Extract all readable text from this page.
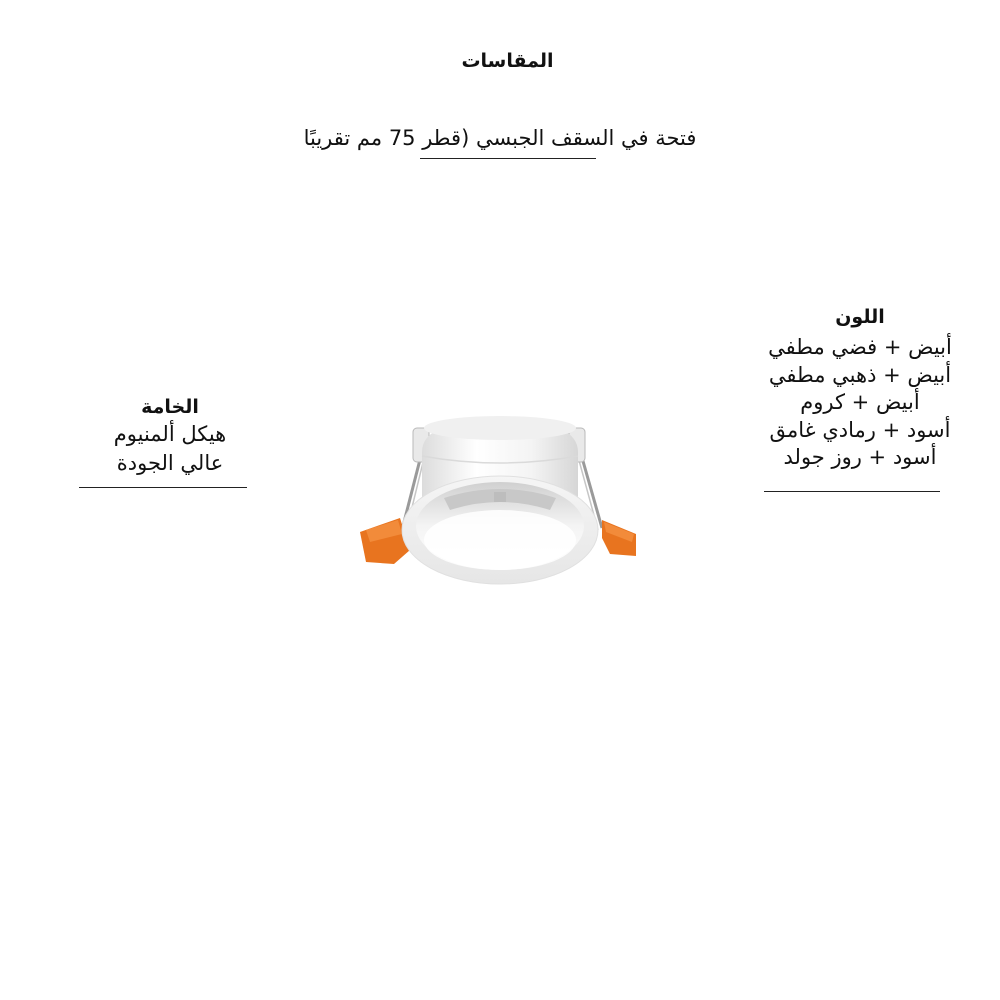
المقاسات
فتحة في السقف الجبسي (قطر 75 مم تقريبًا
اللون
أبيض + فضي مطفي
أبيض + ذهبي مطفي
أبيض + كروم
أسود + رمادي غامق
أسود + روز جولد
الخامة
هيكل ألمنيوم
عالي الجودة
